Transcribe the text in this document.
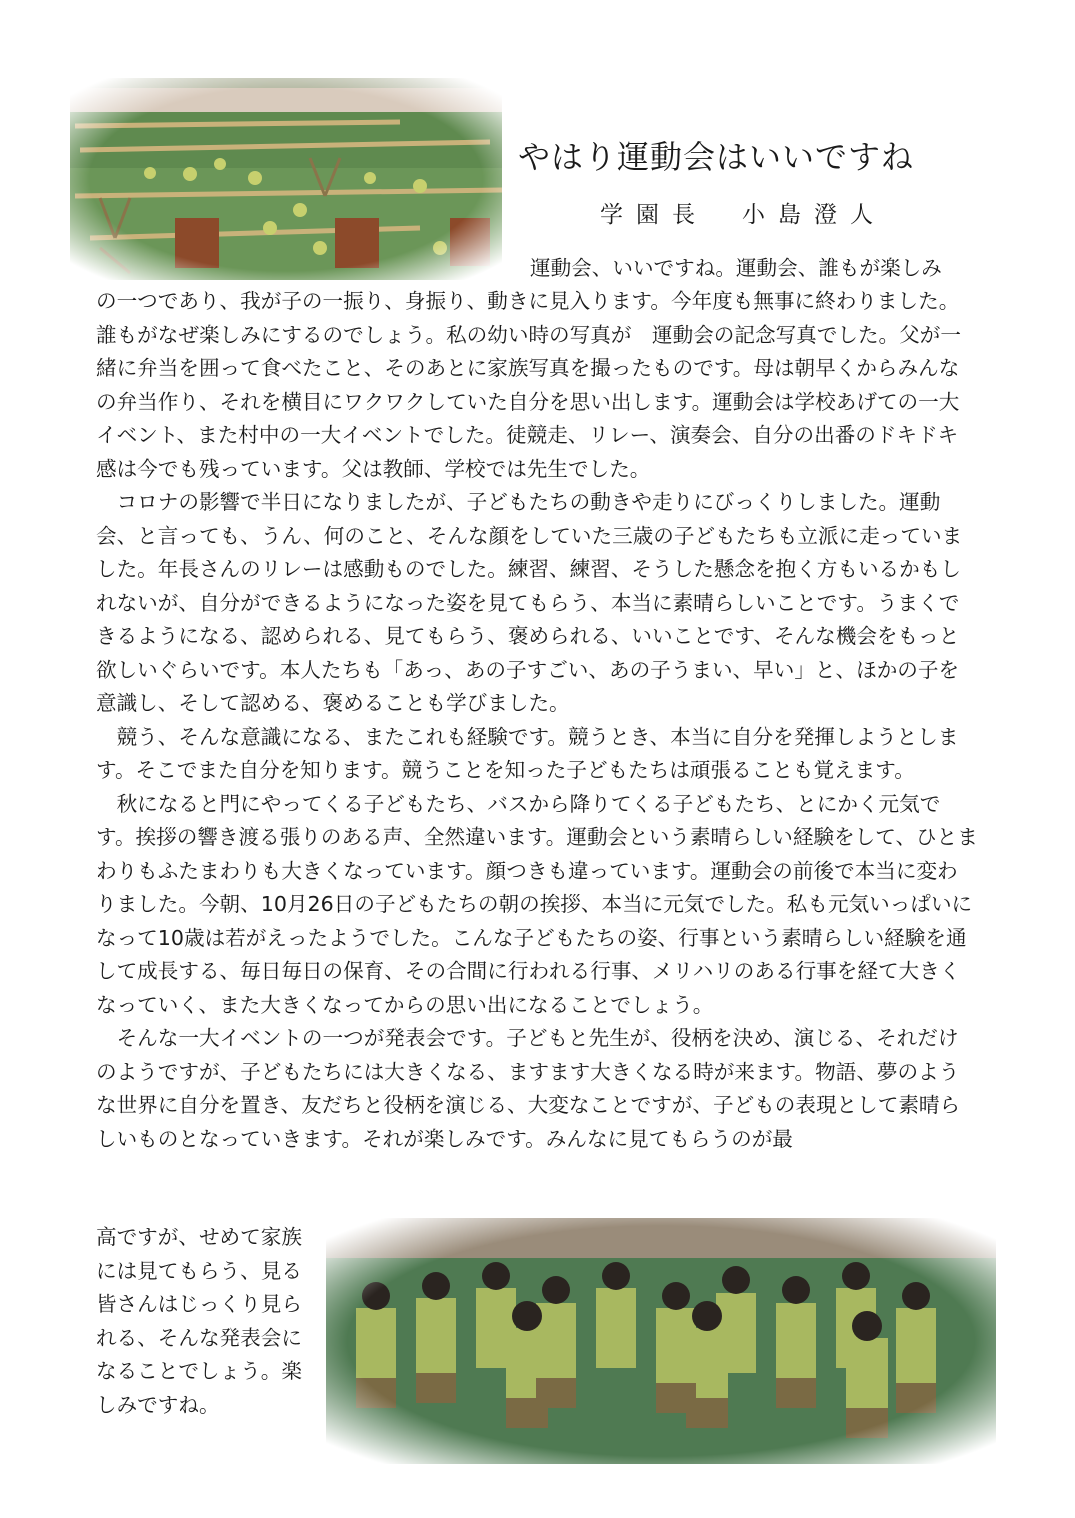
やはり運動会はいいですね
学園長 小島澄人
運動会、いいですね。運動会、誰もが楽しみ

の一つであり、我が子の一振り、身振り、動きに見入ります。今年度も無事に終わりました。誰もがなぜ楽しみにするのでしょう。私の幼い時の写真が　運動会の記念写真でした。父が一緒に弁当を囲って食べたこと、そのあとに家族写真を撮ったものです。母は朝早くからみんなの弁当作り、それを横目にワクワクしていた自分を思い出します。運動会は学校あげての一大イベント、また村中の一大イベントでした。徒競走、リレー、演奏会、自分の出番のドキドキ感は今でも残っています。父は教師、学校では先生でした。

コロナの影響で半日になりましたが、子どもたちの動きや走りにびっくりしました。運動会、と言っても、うん、何のこと、そんな顔をしていた三歳の子どもたちも立派に走っていました。年長さんのリレーは感動ものでした。練習、練習、そうした懸念を抱く方もいるかもしれないが、自分ができるようになった姿を見てもらう、本当に素晴らしいことです。うまくできるようになる、認められる、見てもらう、褒められる、いいことです、そんな機会をもっと欲しいぐらいです。本人たちも「あっ、あの子すごい、あの子うまい、早い」と、ほかの子を意識し、そして認める、褒めることも学びました。

競う、そんな意識になる、またこれも経験です。競うとき、本当に自分を発揮しようとします。そこでまた自分を知ります。競うことを知った子どもたちは頑張ることも覚えます。

秋になると門にやってくる子どもたち、バスから降りてくる子どもたち、とにかく元気です。挨拶の響き渡る張りのある声、全然違います。運動会という素晴らしい経験をして、ひとまわりもふたまわりも大きくなっています。顔つきも違っています。運動会の前後で本当に変わりました。今朝、10月26日の子どもたちの朝の挨拶、本当に元気でした。私も元気いっぱいになって10歳は若がえったようでした。こんな子どもたちの姿、行事という素晴らしい経験を通して成長する、毎日毎日の保育、その合間に行われる行事、メリハリのある行事を経て大きくなっていく、また大きくなってからの思い出になることでしょう。

そんな一大イベントの一つが発表会です。子どもと先生が、役柄を決め、演じる、それだけのようですが、子どもたちには大きくなる、ますます大きくなる時が来ます。物語、夢のような世界に自分を置き、友だちと役柄を演じる、大変なことですが、子どもの表現として素晴らしいものとなっていきます。それが楽しみです。みんなに見てもらうのが最

高ですが、せめて家族
には見てもらう、見る
皆さんはじっくり見ら
れる、そんな発表会に
なることでしょう。楽
しみですね。
